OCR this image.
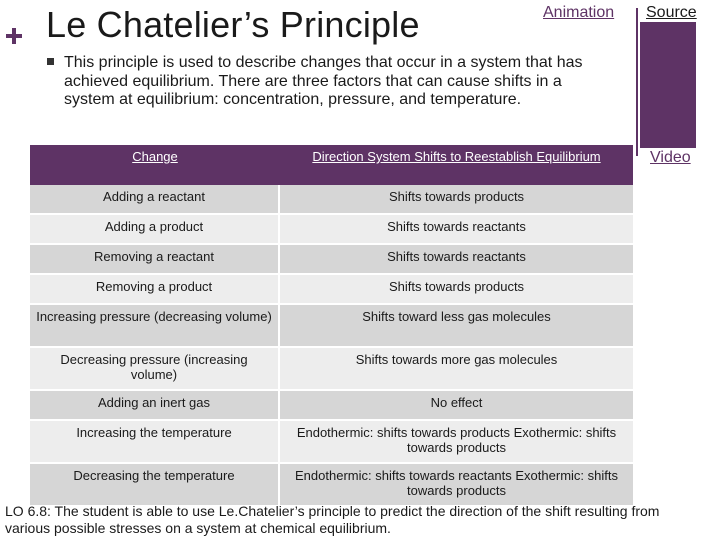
Le Chatelier’s Principle	Animation Source
Video
This principle is used to describe changes that occur in a system that has achieved equilibrium. There are three factors that can cause shifts in a system at equilibrium: concentration, pressure, and temperature.
Change	Direction System Shifts to Reestablish Equilibrium
Adding a reactant	Shifts towards products
Adding a product	Shifts towards reactants
Removing a reactant	Shifts towards reactants
Removing a product	Shifts towards products
Increasing pressure (decreasing volume)	Shifts toward less gas molecules
Decreasing pressure (increasing volume)	Shifts towards more gas molecules
Adding an inert gas	No effect
Increasing the temperature	Endothermic: shifts towards products Exothermic: shifts towards products
Decreasing the temperature	Endothermic: shifts towards reactants Exothermic: shifts towards products
LO 6.8: The student is able to use Le.Chatelier’s principle to predict the direction of the shift resulting from various possible stresses on a system at chemical equilibrium.
